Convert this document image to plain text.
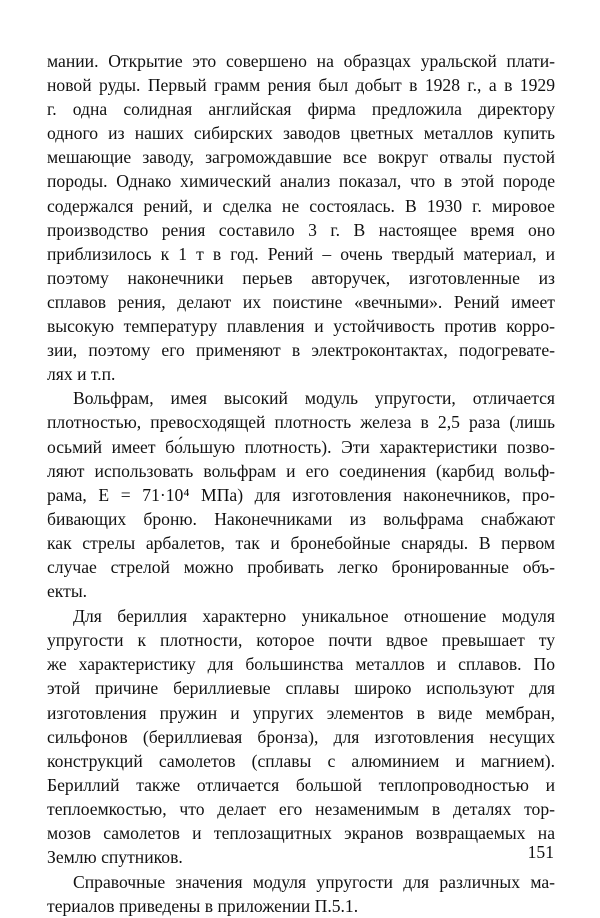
мании. Открытие это совершено на образцах уральской плати-
новой руды. Первый грамм рения был добыт в 1928 г., а в 1929
г. одна солидная английская фирма предложила директору
одного из наших сибирских заводов цветных металлов купить
мешающие заводу, загромождавшие все вокруг отвалы пустой
породы. Однако химический анализ показал, что в этой породе
содержался рений, и сделка не состоялась. В 1930 г. мировое
производство рения составило 3 г. В настоящее время оно
приблизилось к 1 т в год. Рений – очень твердый материал, и
поэтому наконечники перьев авторучек, изготовленные из
сплавов рения, делают их поистине «вечными». Рений имеет
высокую температуру плавления и устойчивость против корро-
зии, поэтому его применяют в электроконтактах, подогревате-
лях и т.п.

Вольфрам, имея высокий модуль упругости, отличается
плотностью, превосходящей плотность железа в 2,5 раза (лишь
осьмий имеет бо́льшую плотность). Эти характеристики позво-
ляют использовать вольфрам и его соединения (карбид вольф-
рама, E = 71·10⁴ МПа) для изготовления наконечников, про-
бивающих броню. Наконечниками из вольфрама снабжают
как стрелы арбалетов, так и бронебойные снаряды. В первом
случае стрелой можно пробивать легко бронированные объ-
екты.

Для бериллия характерно уникальное отношение модуля
упругости к плотности, которое почти вдвое превышает ту
же характеристику для большинства металлов и сплавов. По
этой причине бериллиевые сплавы широко используют для
изготовления пружин и упругих элементов в виде мембран,
сильфонов (бериллиевая бронза), для изготовления несущих
конструкций самолетов (сплавы с алюминием и магнием).
Бериллий также отличается большой теплопроводностью и
теплоемкостью, что делает его незаменимым в деталях тор-
мозов самолетов и теплозащитных экранов возвращаемых на
Землю спутников.

Справочные значения модуля упругости для различных ма-
териалов приведены в приложении П.5.1.

151
